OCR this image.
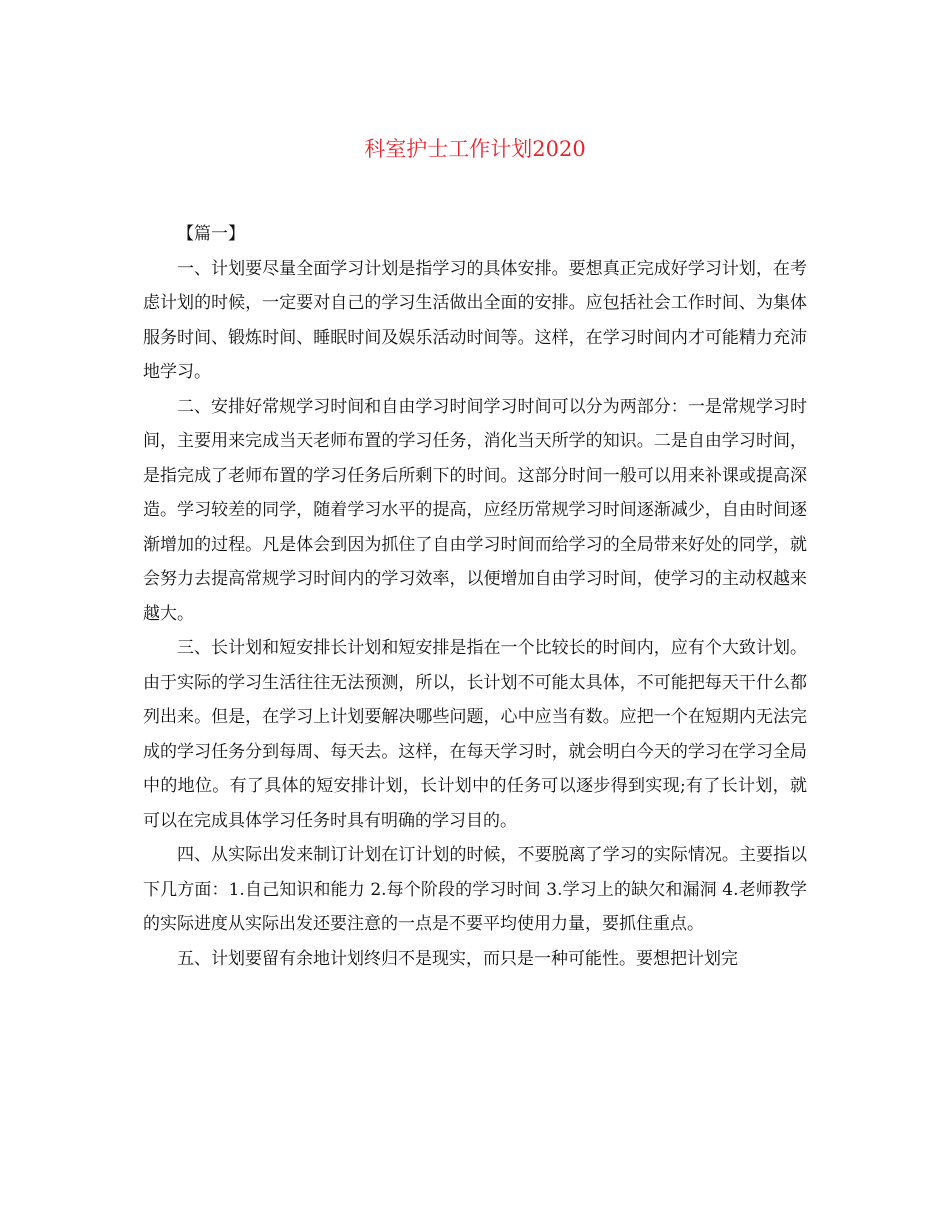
科室护士工作计划2020

【篇一】

一、计划要尽量全面学习计划是指学习的具体安排。要想真正完成好学习计划，在考虑计划的时候，一定要对自己的学习生活做出全面的安排。应包括社会工作时间、为集体服务时间、锻炼时间、睡眠时间及娱乐活动时间等。这样，在学习时间内才可能精力充沛地学习。

二、安排好常规学习时间和自由学习时间学习时间可以分为两部分：一是常规学习时间，主要用来完成当天老师布置的学习任务，消化当天所学的知识。二是自由学习时间，是指完成了老师布置的学习任务后所剩下的时间。这部分时间一般可以用来补课或提高深造。学习较差的同学，随着学习水平的提高，应经历常规学习时间逐渐减少，自由时间逐渐增加的过程。凡是体会到因为抓住了自由学习时间而给学习的全局带来好处的同学，就会努力去提高常规学习时间内的学习效率，以便增加自由学习时间，使学习的主动权越来越大。

三、长计划和短安排长计划和短安排是指在一个比较长的时间内，应有个大致计划。由于实际的学习生活往往无法预测，所以，长计划不可能太具体，不可能把每天干什么都列出来。但是，在学习上计划要解决哪些问题，心中应当有数。应把一个在短期内无法完成的学习任务分到每周、每天去。这样，在每天学习时，就会明白今天的学习在学习全局中的地位。有了具体的短安排计划，长计划中的任务可以逐步得到实现;有了长计划，就可以在完成具体学习任务时具有明确的学习目的。

四、从实际出发来制订计划在订计划的时候，不要脱离了学习的实际情况。主要指以下几方面：1.自己知识和能力 2.每个阶段的学习时间 3.学习上的缺欠和漏洞 4.老师教学的实际进度从实际出发还要注意的一点是不要平均使用力量，要抓住重点。

五、计划要留有余地计划终归不是现实，而只是一种可能性。要想把计划完
